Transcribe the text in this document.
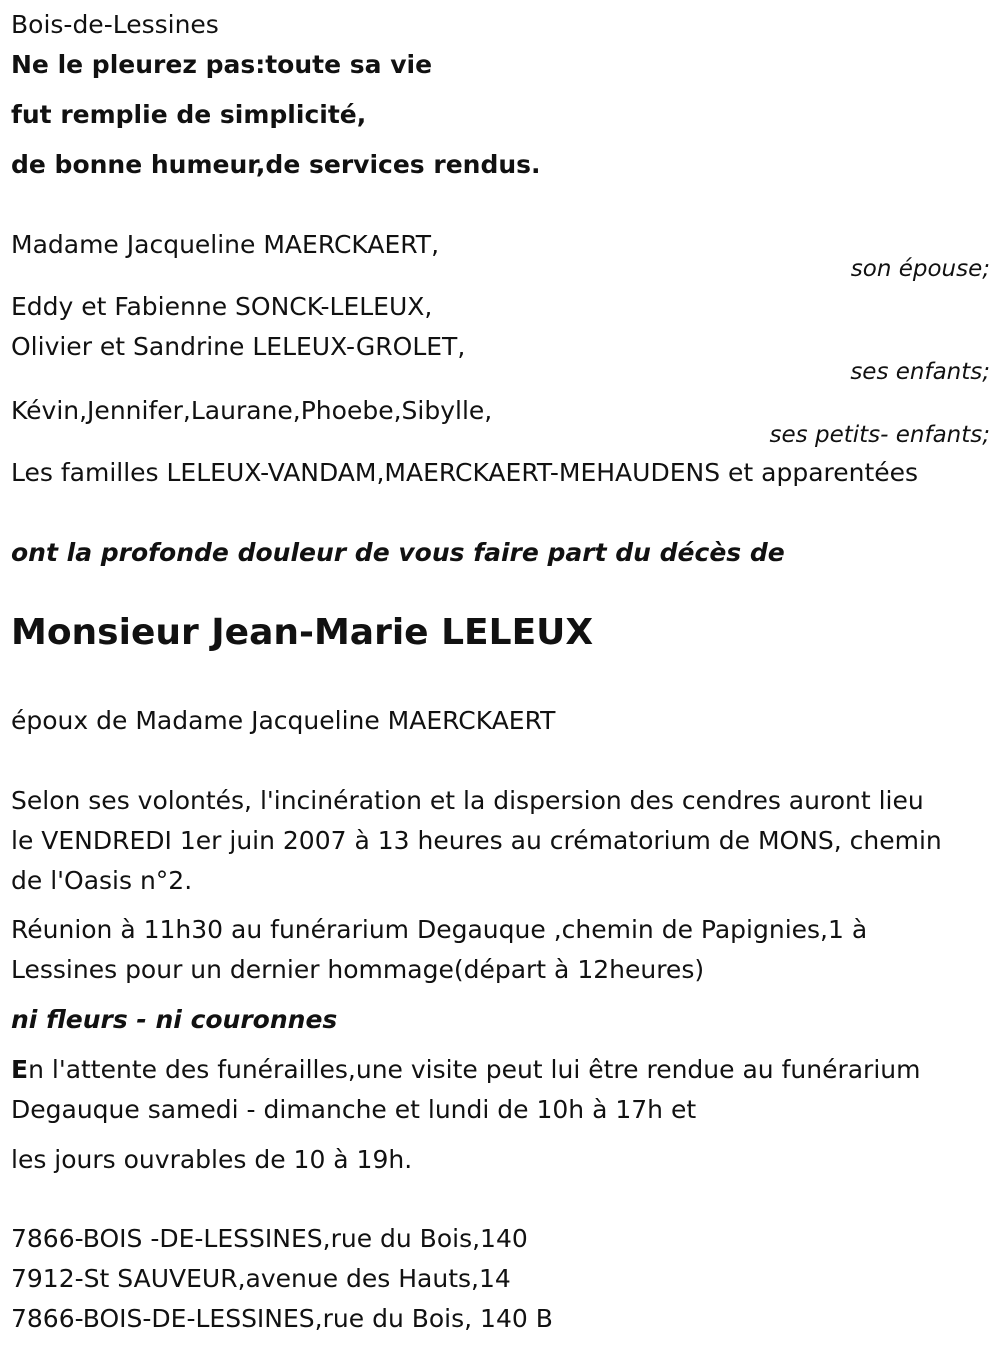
Bois-de-Lessines
Ne le pleurez pas:toute sa vie
fut remplie de simplicité,
de bonne humeur,de services rendus.
Madame Jacqueline MAERCKAERT,
son épouse;
Eddy et Fabienne SONCK-LELEUX,
Olivier et Sandrine LELEUX-GROLET,
ses enfants;
Kévin,Jennifer,Laurane,Phoebe,Sibylle,
ses petits- enfants;
Les familles LELEUX-VANDAM,MAERCKAERT-MEHAUDENS et apparentées
ont la profonde douleur de vous faire part du décès de
Monsieur Jean-Marie LELEUX
époux de Madame Jacqueline MAERCKAERT
Selon ses volontés, l'incinération et la dispersion des cendres auront lieu
le VENDREDI 1er juin 2007 à 13 heures au crématorium de MONS, chemin
de l'Oasis n°2.
Réunion à 11h30 au funérarium Degauque ,chemin de Papignies,1 à
Lessines pour un dernier hommage(départ à 12heures)
ni fleurs - ni couronnes
En l'attente des funérailles,une visite peut lui être rendue au funérarium
Degauque samedi - dimanche et lundi de 10h à 17h et
les jours ouvrables de 10 à 19h.
7866-BOIS -DE-LESSINES,rue du Bois,140
7912-St SAUVEUR,avenue des Hauts,14
7866-BOIS-DE-LESSINES,rue du Bois, 140 B
